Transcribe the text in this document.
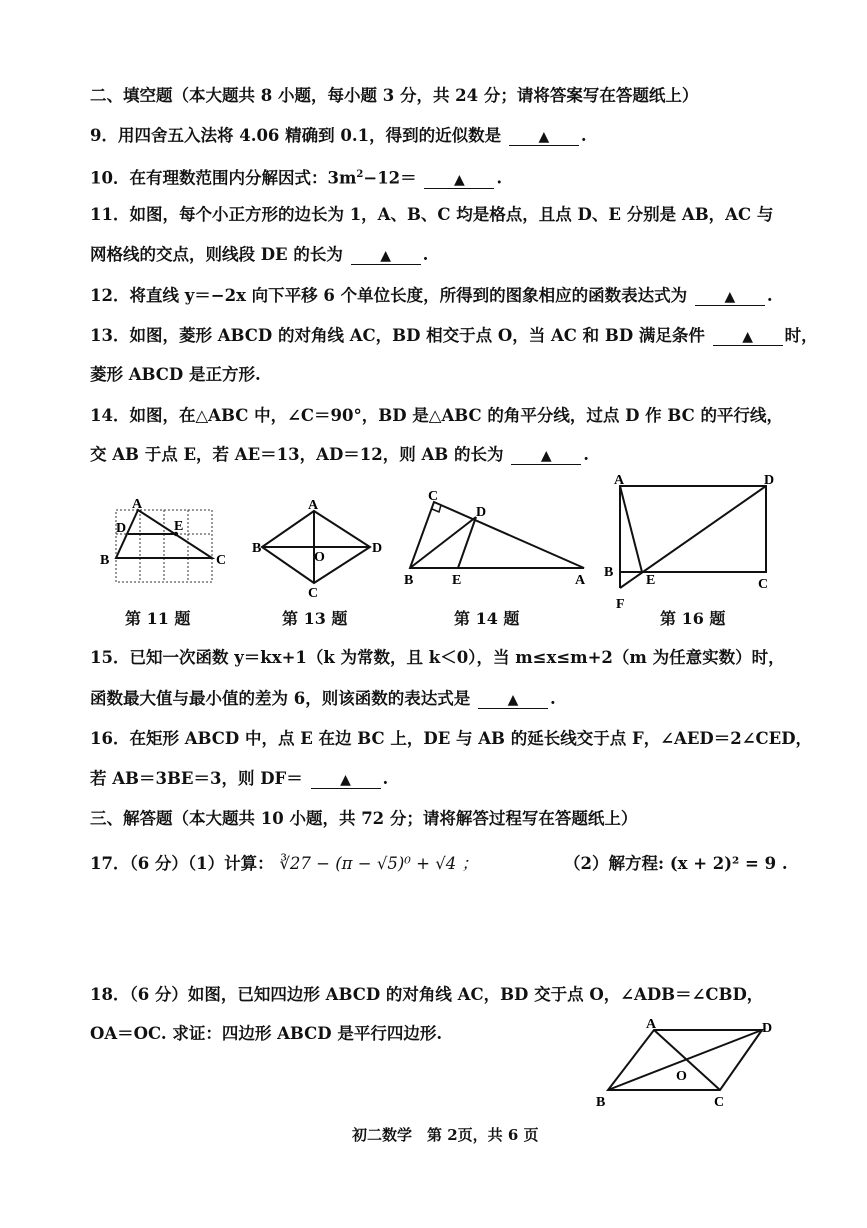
二、填空题（本大题共 8 小题，每小题 3 分，共 24 分；请将答案写在答题纸上）
9．用四舍五入法将 4.06 精确到 0.1，得到的近似数是	▲ .
10．在有理数范围内分解因式：$3m^2-12=$	▲ .
11．如图，每个小正方形的边长为 1，A、B、C 均是格点，且点 D、E 分别是 AB，AC 与
网格线的交点，则线段 DE 的长为	▲ .
12．将直线 y＝−2x 向下平移 6 个单位长度，所得到的图象相应的函数表达式为	▲ .
13．如图，菱形 ABCD 的对角线 AC，BD 相交于点 O，当 AC 和 BD 满足条件	▲ 时，
菱形 ABCD 是正方形.
14．如图，在△ABC 中，∠C＝90°，BD 是△ABC 的角平分线，过点 D 作 BC 的平行线，
交 AB 于点 E，若 AE＝13，AD＝12，则 AB 的长为	▲ .
A
D	E
B	C
A
B	D
O
C
C
D
B	E	A
A	D
B
E	C
F
第 11 题	第 13 题	第 14 题	第 16 题
15．已知一次函数 y＝kx+1（k 为常数，且 k＜0），当 m≤x≤m+2（m 为任意实数）时，
函数最大值与最小值的差为 6，则该函数的表达式是	▲ .
16．在矩形 ABCD 中，点 E 在边 BC 上，DE 与 AB 的延长线交于点 F，∠AED＝2∠CED，
若 AB＝3BE＝3，则 DF＝	▲ .
三、解答题（本大题共 10 小题，共 72 分；请将解答过程写在答题纸上）
17．（6 分）（1）计算： ∛27 − (π − √5)⁰ + √4 ；	（2）解方程: (x + 2)² = 9 .
18．（6 分）如图，已知四边形 ABCD 的对角线 AC，BD 交于点 O，∠ADB＝∠CBD，
OA＝OC. 求证：四边形 ABCD 是平行四边形.	A	D
O
B	C
初二数学　第 2页，共 6 页
